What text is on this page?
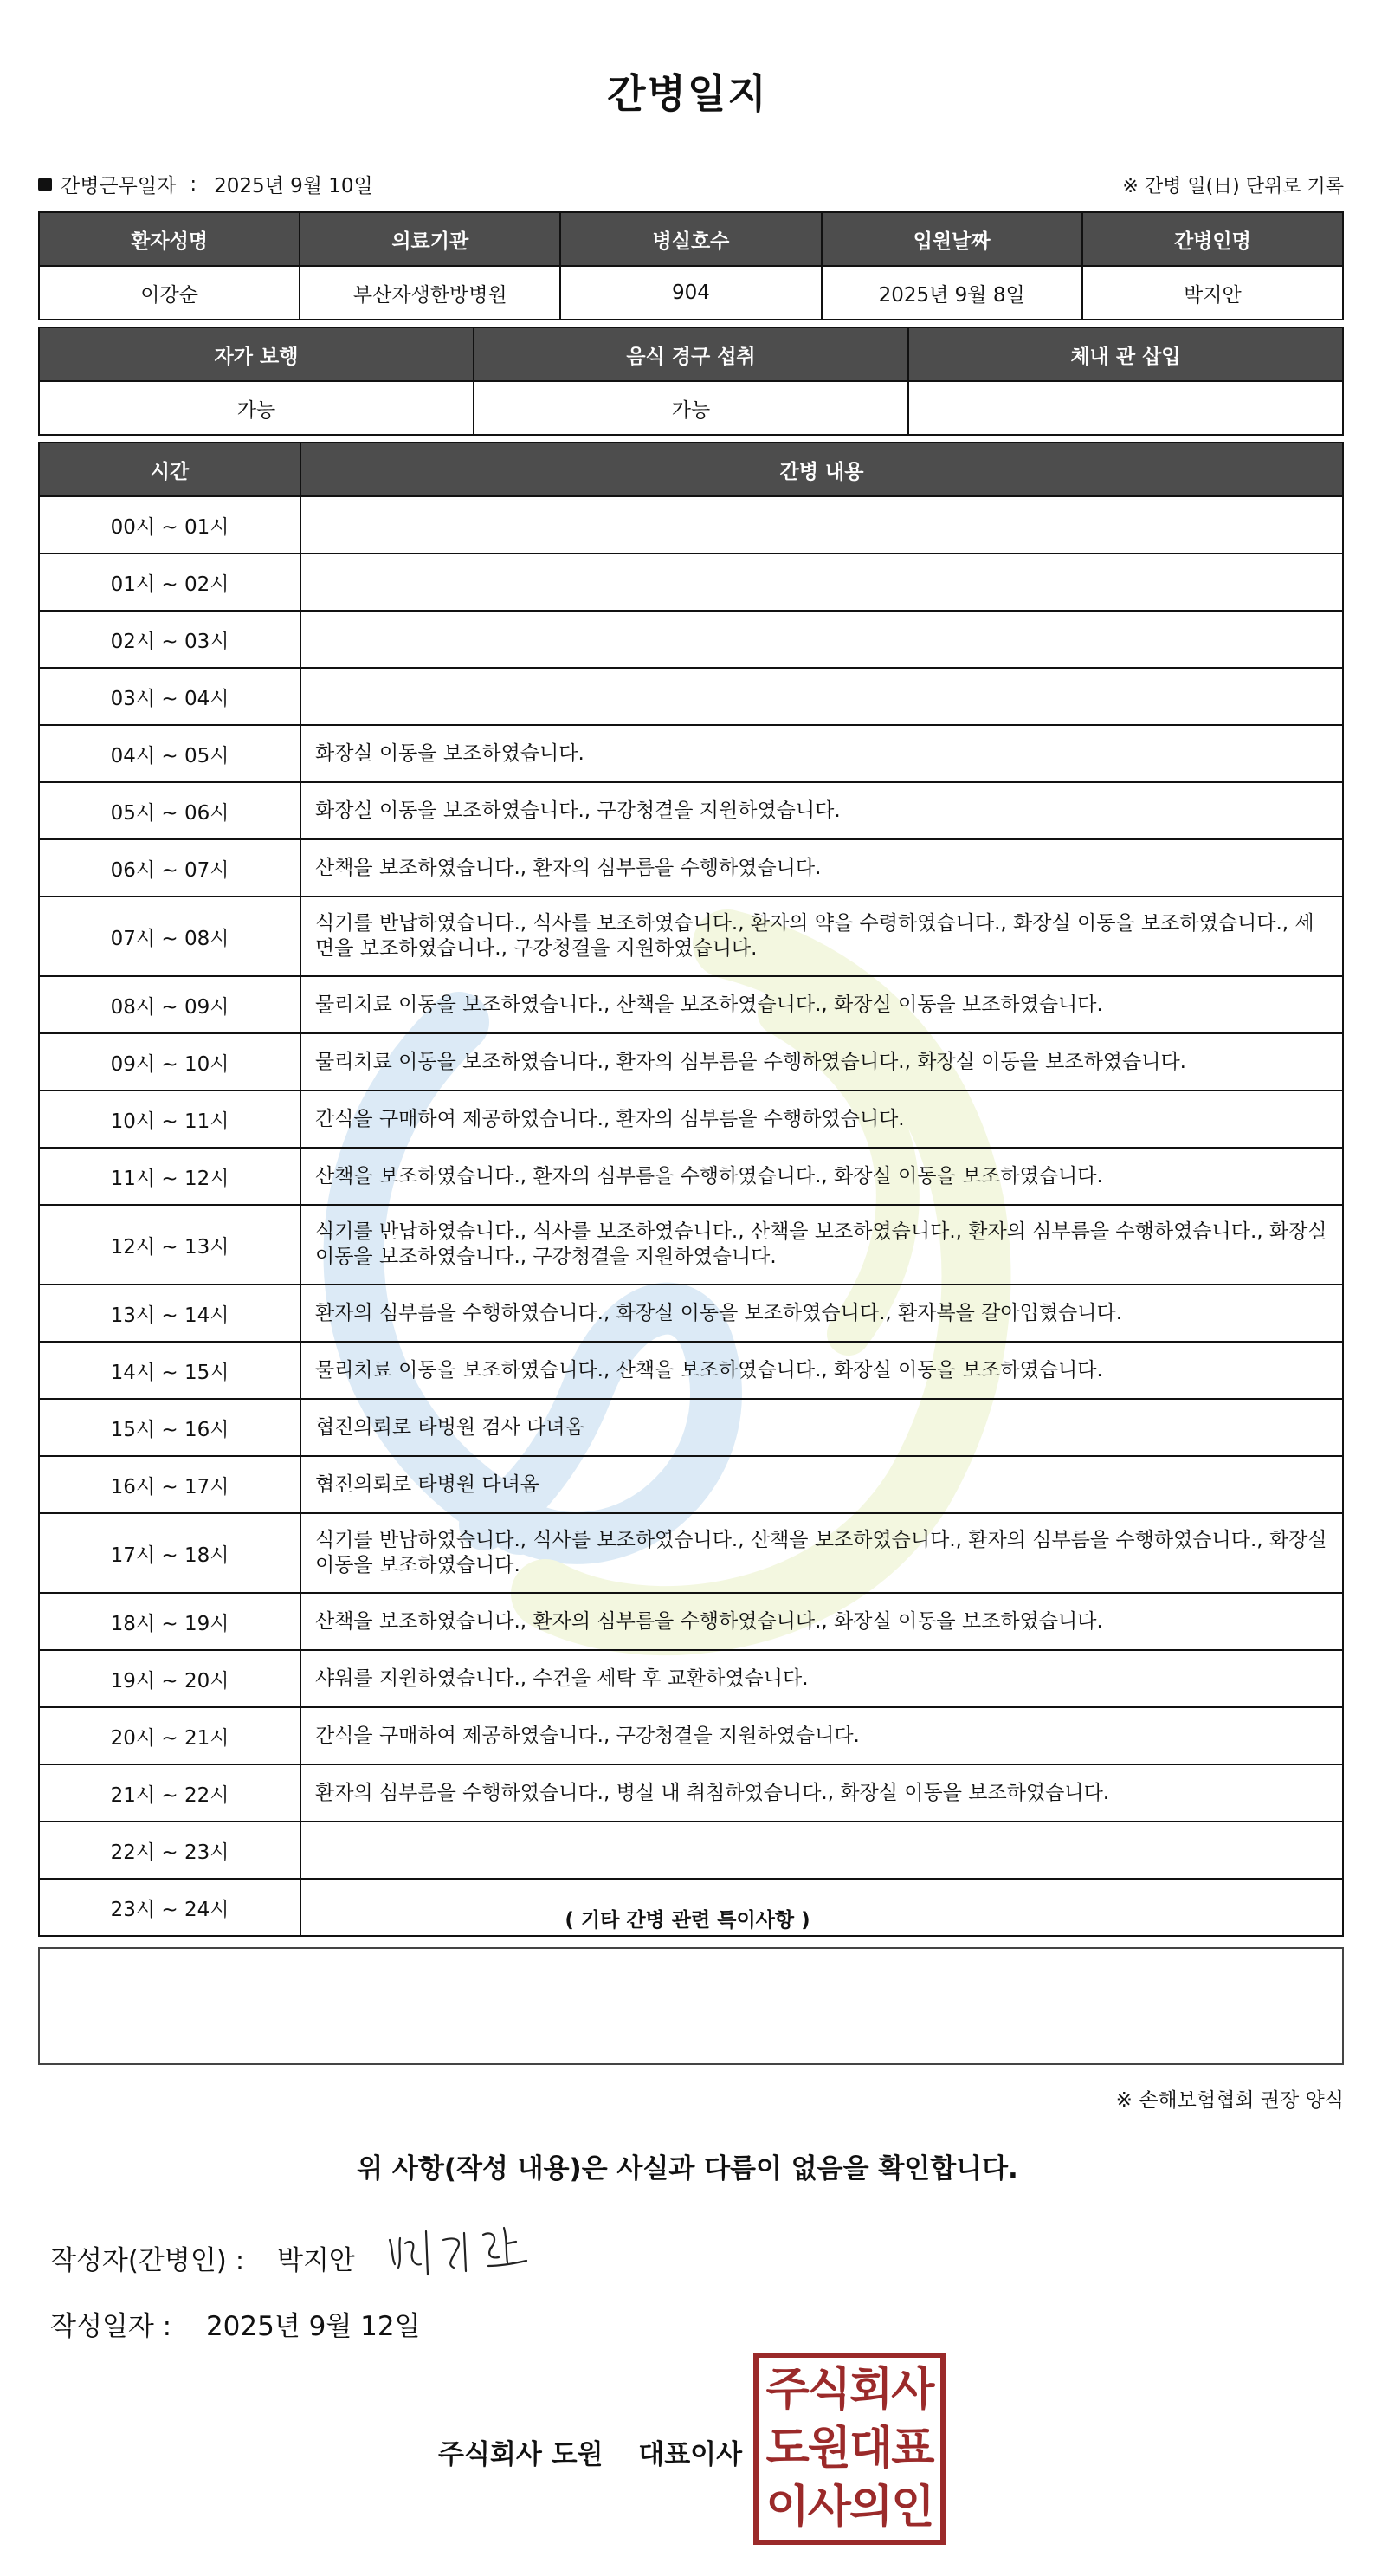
간병일지
간병근무일자 : 2025년 9월 10일	※ 간병 일(日) 단위로 기록
환자성명	의료기관	병실호수	입원날짜	간병인명
이강순	부산자생한방병원	904	2025년 9월 8일	박지안
자가 보행	음식 경구 섭취	체내 관 삽입
가능	가능	
시간	간병 내용
00시 ~ 01시	
01시 ~ 02시	
02시 ~ 03시	
03시 ~ 04시	
04시 ~ 05시	화장실 이동을 보조하였습니다.
05시 ~ 06시	화장실 이동을 보조하였습니다., 구강청결을 지원하였습니다.
06시 ~ 07시	산책을 보조하였습니다., 환자의 심부름을 수행하였습니다.
07시 ~ 08시	식기를 반납하였습니다., 식사를 보조하였습니다., 환자의 약을 수령하였습니다., 화장실 이동을 보조하였습니다., 세면을 보조하였습니다., 구강청결을 지원하였습니다.
08시 ~ 09시	물리치료 이동을 보조하였습니다., 산책을 보조하였습니다., 화장실 이동을 보조하였습니다.
09시 ~ 10시	물리치료 이동을 보조하였습니다., 환자의 심부름을 수행하였습니다., 화장실 이동을 보조하였습니다.
10시 ~ 11시	간식을 구매하여 제공하였습니다., 환자의 심부름을 수행하였습니다.
11시 ~ 12시	산책을 보조하였습니다., 환자의 심부름을 수행하였습니다., 화장실 이동을 보조하였습니다.
12시 ~ 13시	식기를 반납하였습니다., 식사를 보조하였습니다., 산책을 보조하였습니다., 환자의 심부름을 수행하였습니다., 화장실 이동을 보조하였습니다., 구강청결을 지원하였습니다.
13시 ~ 14시	환자의 심부름을 수행하였습니다., 화장실 이동을 보조하였습니다., 환자복을 갈아입혔습니다.
14시 ~ 15시	물리치료 이동을 보조하였습니다., 산책을 보조하였습니다., 화장실 이동을 보조하였습니다.
15시 ~ 16시	협진의뢰로 타병원 검사 다녀옴
16시 ~ 17시	협진의뢰로 타병원 다녀옴
17시 ~ 18시	식기를 반납하였습니다., 식사를 보조하였습니다., 산책을 보조하였습니다., 환자의 심부름을 수행하였습니다., 화장실 이동을 보조하였습니다.
18시 ~ 19시	산책을 보조하였습니다., 환자의 심부름을 수행하였습니다., 화장실 이동을 보조하였습니다.
19시 ~ 20시	샤워를 지원하였습니다., 수건을 세탁 후 교환하였습니다.
20시 ~ 21시	간식을 구매하여 제공하였습니다., 구강청결을 지원하였습니다.
21시 ~ 22시	환자의 심부름을 수행하였습니다., 병실 내 취침하였습니다., 화장실 이동을 보조하였습니다.
22시 ~ 23시	
23시 ~ 24시		( 기타 간병 관련 특이사항 )
※ 손해보험협회 권장 양식
위 사항(작성 내용)은 사실과 다름이 없음을 확인합니다.
작성자(간병인) : 박지안
작성일자 : 2025년 9월 12일
주식회사 도원 대표이사
주식회사
도원대표
이사의인
